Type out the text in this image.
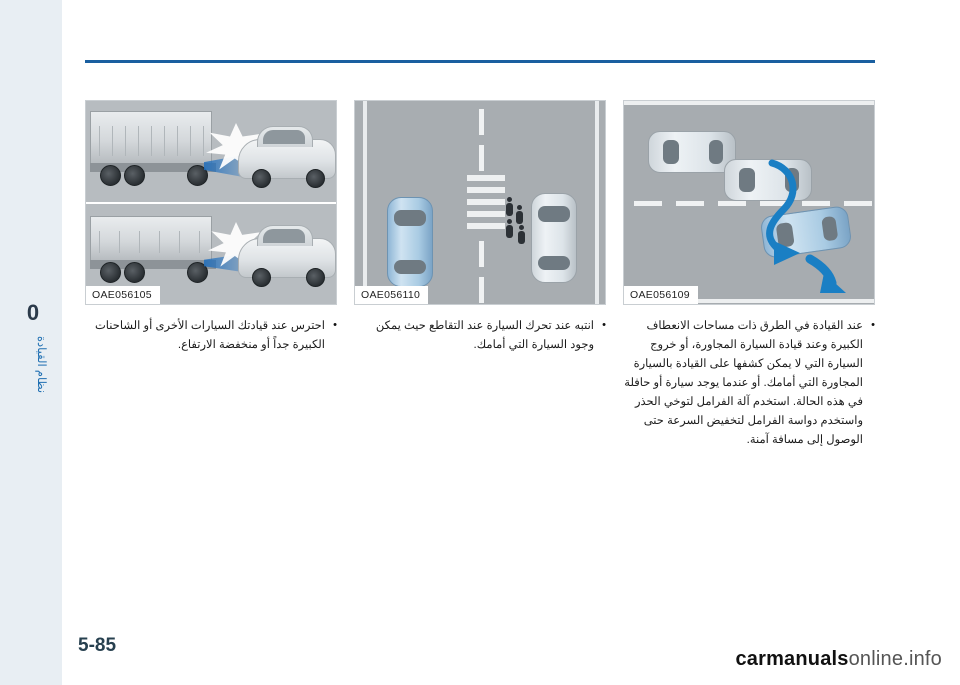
0
نظام القيادة
OAE056105
• احترس عند قيادتك السيارات الأخرى أو الشاحنات الكبيرة جداً أو منخفضة الارتفاع.
OAE056110
• انتبه عند تحرك السيارة عند التقاطع حيث يمكن وجود السيارة التي أمامك.
OAE056109
• عند القيادة في الطرق ذات مساحات الانعطاف الكبيرة وعند قيادة السيارة المجاورة، أو خروج السيارة التي لا يمكن كشفها على القيادة بالسيارة المجاورة التي أمامك. أو عندما يوجد سيارة أو حافلة في هذه الحالة. استخدم آلة الفرامل لتوخي الحذر واستخدم دواسة الفرامل لتخفيض السرعة حتى الوصول إلى مسافة آمنة.
5-85
carmanualsonline.info
